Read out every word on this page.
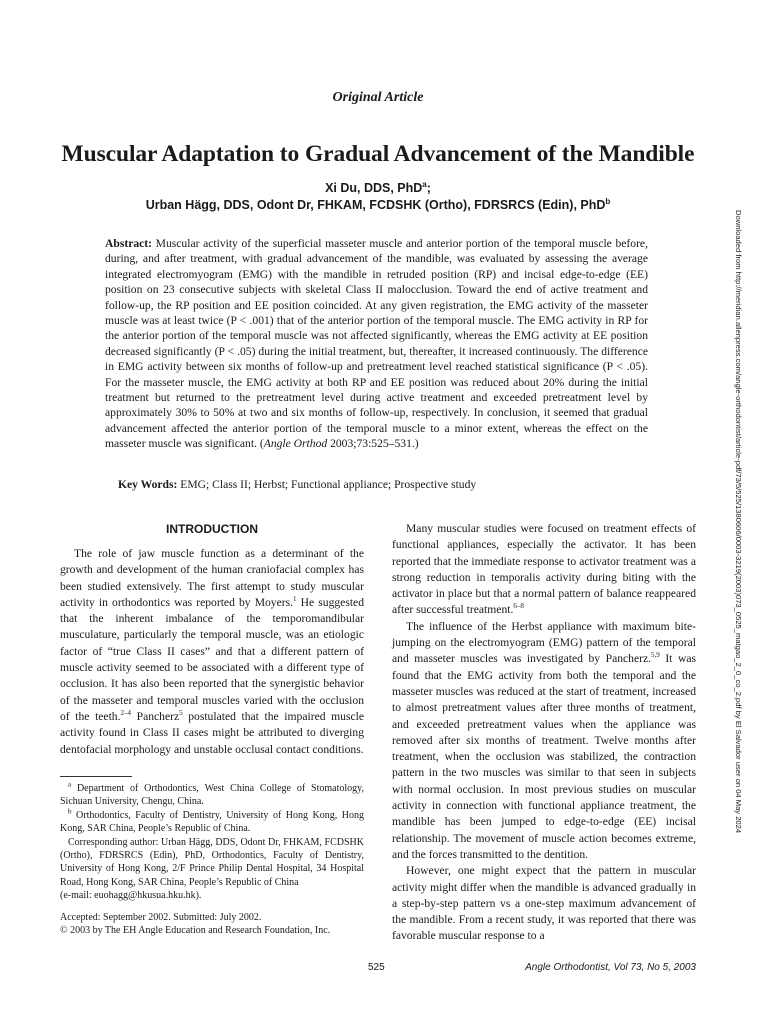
Original Article
Muscular Adaptation to Gradual Advancement of the Mandible
Xi Du, DDS, PhD$^a$;
Urban Hägg, DDS, Odont Dr, FHKAM, FCDSHK (Ortho), FDRSRCS (Edin), PhD$^b$
Abstract: Muscular activity of the superficial masseter muscle and anterior portion of the temporal muscle before, during, and after treatment, with gradual advancement of the mandible, was evaluated by assessing the average integrated electromyogram (EMG) with the mandible in retruded position (RP) and incisal edge-to-edge (EE) position on 23 consecutive subjects with skeletal Class II malocclusion. Toward the end of active treatment and follow-up, the RP position and EE position coincided. At any given registration, the EMG activity of the masseter muscle was at least twice (P < .001) that of the anterior portion of the temporal muscle. The EMG activity in RP for the anterior portion of the temporal muscle was not affected significantly, whereas the EMG activity at EE position decreased significantly (P < .05) during the initial treatment, but, thereafter, it increased continuously. The difference in EMG activity between six months of follow-up and pretreatment level reached statistical significance (P < .05). For the masseter muscle, the EMG activity at both RP and EE position was reduced about 20% during the initial treatment but returned to the pretreatment level during active treatment and exceeded pretreatment level by approximately 30% to 50% at two and six months of follow-up, respectively. In conclusion, it seemed that gradual advancement affected the anterior portion of the temporal muscle to a minor extent, whereas the effect on the masseter muscle was significant. (Angle Orthod 2003;73:525–531.)
Key Words: EMG; Class II; Herbst; Functional appliance; Prospective study
INTRODUCTION

The role of jaw muscle function as a determinant of the growth and development of the human craniofacial complex has been studied extensively. The first attempt to study muscular activity in orthodontics was reported by Moyers.$^1$ He suggested that the inherent imbalance of the temporomandibular musculature, particularly the temporal muscle, was an etiologic factor of “true Class II cases” and that a different pattern of muscle activity seemed to be associated with a different type of occlusion. It has also been reported that the synergistic behavior of the masseter and temporal muscles varied with the occlusion of the teeth.$^{2-4}$ Pancherz$^5$ postulated that the impaired muscle activity found in Class II cases might be attributed to diverging dentofacial morphology and unstable occlusal contact conditions.

$^a$ Department of Orthodontics, West China College of Stomatology, Sichuan University, Chengu, China.

$^b$ Orthodontics, Faculty of Dentistry, University of Hong Kong, Hong Kong, SAR China, People’s Republic of China.

Corresponding author: Urban Hägg, DDS, Odont Dr, FHKAM, FCDSHK (Ortho), FDRSRCS (Edin), PhD, Orthodontics, Faculty of Dentistry, University of Hong Kong, 2/F Prince Philip Dental Hospital, 34 Hospital Road, Hong Kong, SAR China, People’s Republic of China

(e-mail: euohagg@hkusua.hku.hk).
Accepted: September 2002. Submitted: July 2002.
© 2003 by The EH Angle Education and Research Foundation, Inc.

Many muscular studies were focused on treatment effects of functional appliances, especially the activator. It has been reported that the immediate response to activator treatment was a strong reduction in temporalis activity during biting with the activator in place but that a normal pattern of balance reappeared after successful treatment.$^{6-8}$

The influence of the Herbst appliance with maximum bite-jumping on the electromyogram (EMG) pattern of the temporal and masseter muscles was investigated by Pancherz.$^{5,9}$ It was found that the EMG activity from both the temporal and the masseter muscles was reduced at the start of treatment, increased to almost pretreatment values after three months of treatment, and exceeded pretreatment values when the appliance was removed after six months of treatment. Twelve months after treatment, when the occlusion was stabilized, the contraction pattern in the two muscles was similar to that seen in subjects with normal occlusion. In most previous studies on muscular activity in connection with functional appliance treatment, the mandible has been jumped to edge-to-edge (EE) incisal relationship. The movement of muscle action becomes extreme, and the forces transmitted to the dentition.

However, one might expect that the pattern in muscular activity might differ when the mandible is advanced gradually in a step-by-step pattern vs a one-step maximum advancement of the mandible. From a recent study, it was reported that there was favorable muscular response to a

525	Angle Orthodontist, Vol 73, No 5, 2003
Downloaded from http://meridian.allenpress.com/angle-orthodontist/article-pdf/73/5/525/1380606/0003-3219(2003)073_0525_matgao_2_0_co_2.pdf by El Salvador user on 04 May 2024
